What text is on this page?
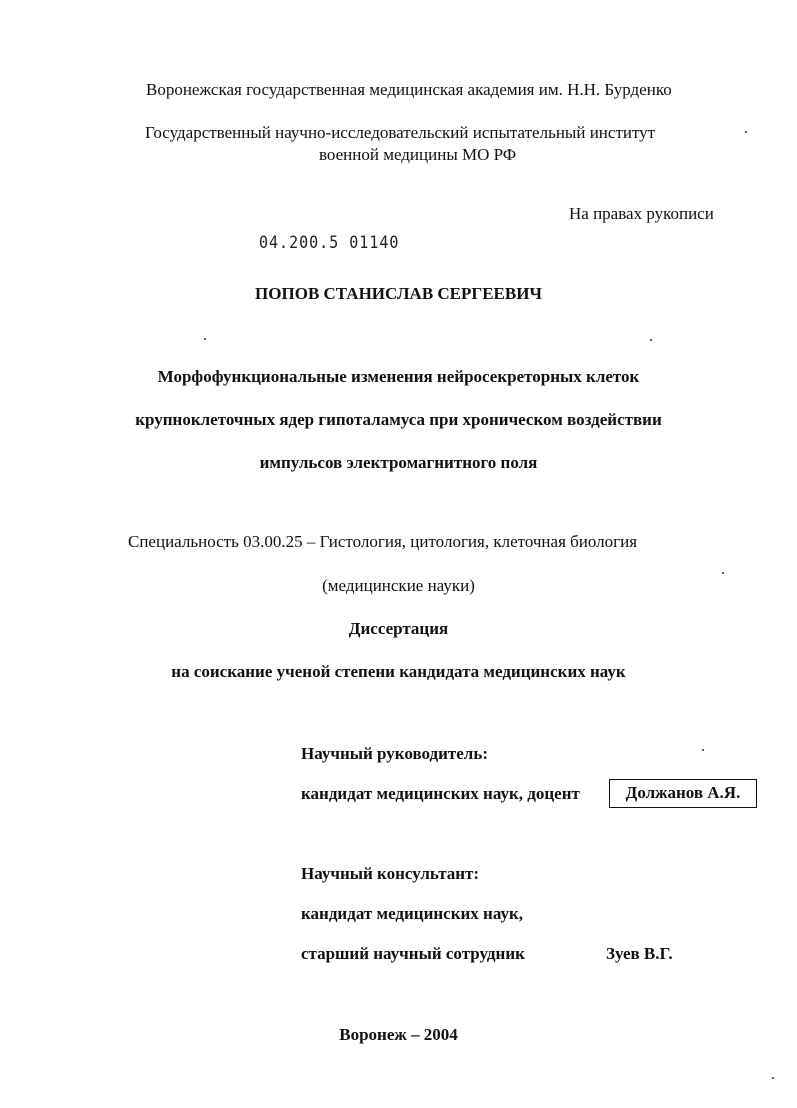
Воронежская государственная медицинская академия им. Н.Н. Бурденко
Государственный научно-исследовательский испытательный институт
военной медицины МО РФ
На правах рукописи
04.200.5 01140
ПОПОВ СТАНИСЛАВ СЕРГЕЕВИЧ
Морфофункциональные изменения нейросекреторных клеток
крупноклеточных ядер гипоталамуса при хроническом воздействии
импульсов электромагнитного поля
Специальность 03.00.25 – Гистология, цитология, клеточная биология
(медицинские науки)
Диссертация
на соискание ученой степени кандидата медицинских наук
Научный руководитель:
кандидат медицинских наук, доцент	Должанов А.Я.
Научный консультант:
кандидат медицинских наук,
старший научный сотрудник	Зуев В.Г.
Воронеж – 2004
